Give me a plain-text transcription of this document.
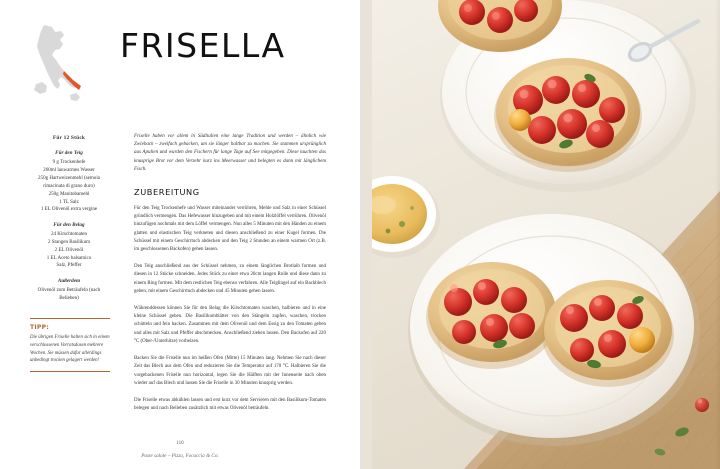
FRISELLA
Für 12 Stück
Für den Teig
9 g Trockenhefe
260ml lauwarmes Wasser
250g Hartweizenmehl (semola rimacinata di grano duro)
250g Manitobamehl
1 TL Salz
1 EL Olivenöl extra vergine
Für den Belag
24 Kirschtomaten
2 Stangen Basilikum
2 EL Olivenöl
1 EL Aceto balsamico
Salz, Pfeffer
Außerdem
Olivenöl zum Beträufeln (nach Belieben)
TIPP:
Die übrigen Friselle halten sich in einem verschlossenen Vorratsdosen mehrere Wochen. Sie müssen dafur allerdings unbedingt trocken gelagert werden!

Friselle haben vor allem in Süditalien eine lange Tradition und werden – ähnlich wie Zwieback – zweifach gebacken, um sie länger haltbar zu machen. Sie stammen ursprünglich aus Apulien und wurden den Fischern für lange Tage auf See mitgegeben. Diese tauchten das knusprige Brot vor dem Verzehr kurz ins Meerwasser und belegten es dann mit länglichem Fisch.

ZUBEREITUNG

Für den Teig Trockenhefe und Wasser miteinander verrühren, Mehle und Salz in einer Schüssel gründlich vermengen. Das Hefewasser hinzugeben und mit einem Holzlöffel verrühren. Olivenöl hinzufügen nochmals mit dem Löffel vermengen. Nun alles 5 Minuten mit den Händen zu einem glatten und elastischen Teig verkneten und diesen anschließend zu einer Kugel formen. Die Schüssel mit einem Geschirrtuch abdecken und den Teig 2 Stunden an einem warmen Ort (z.B. im geschlossenen Backofen) gehen lassen.

Den Teig anschließend aus der Schüssel nehmen, zu einem länglichen Brotlaib formen und diesen in 12 Stücke schneiden. Jedes Stück zu einer etwa 20cm langen Rolle und diese dann zu einem Ring formen. Mit dem restlichen Teig ebenso verfahren. Alle Teiglingel auf ein Backblech geben, mit einem Geschirrtuch abdecken und 45 Minuten gehen lassen.

Währenddessen können Sie für den Belag die Kirschtomaten waschen, halbieren und in eine kleine Schüssel geben. Die Basilikumblätter von den Stängeln zupfen, waschen, trocken schütteln und fein hacken. Zusammen mit dem Olivenöl und dem Essig zu den Tomaten geben und alles mit Salz und Pfeffer abschmecken. Anschließend ziehen lassen. Den Backofen auf 220 °C (Ober-/Unterhitze) vorheizen.

Backen Sie die Friselle nun im heißen Ofen (Mitte) 15 Minuten lang. Nehmen Sie nach dieser Zeit das Blech aus dem Ofen und reduzieren Sie die Temperatur auf 170 °C. Halbieren Sie die vorgebackenen Friselle nun horizontal, legen Sie die Hälften mit der Innenseite nach oben wieder auf das Blech und lassen Sie die Friselle in 30 Minuten knusprig werden.

Die Friselle etwas abkühlen lassen und erst kurz vor dem Servieren mit den Basilikum-Tomaten belegen und nach Belieben zusätzlich mit etwas Olivenöl beträufeln.

110
Paste salate – Pizza, Focaccia & Co.
